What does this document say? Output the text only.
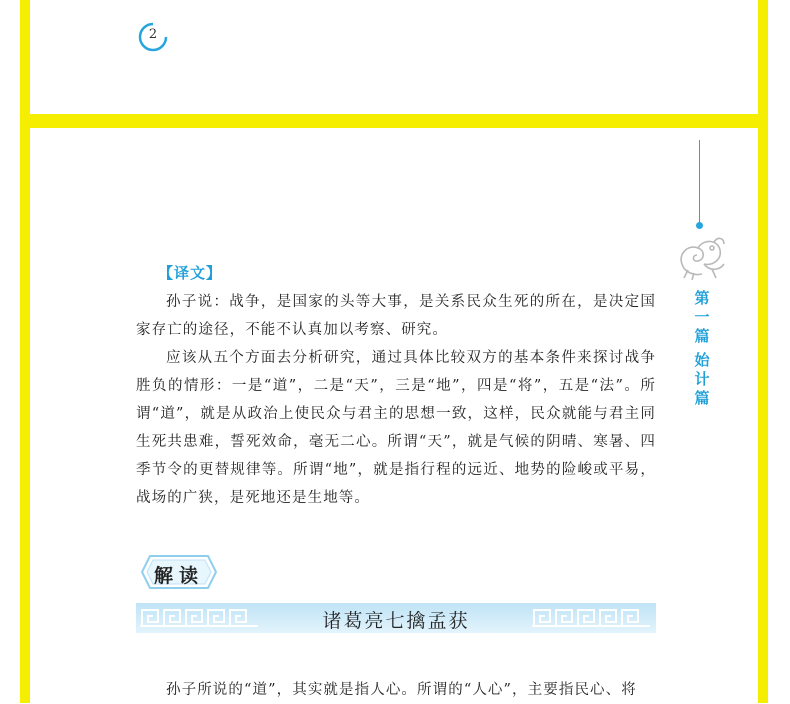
2
第一篇
始计篇
【译文】

孙子说：战争，是国家的头等大事，是关系民众生死的所在，是决定国家存亡的途径，不能不认真加以考察、研究。

应该从五个方面去分析研究，通过具体比较双方的基本条件来探讨战争胜负的情形：一是“道”，二是“天”，三是“地”，四是“将”，五是“法”。所谓“道”，就是从政治上使民众与君主的思想一致，这样，民众就能与君主同生死共患难，誓死效命，毫无二心。所谓“天”，就是气候的阴晴、寒暑、四季节令的更替规律等。所谓“地”，就是指行程的远近、地势的险峻或平易，战场的广狭，是死地还是生地等。

解读
诸葛亮七擒孟获

孙子所说的“道”，其实就是指人心。所谓的“人心”，主要指民心、将
